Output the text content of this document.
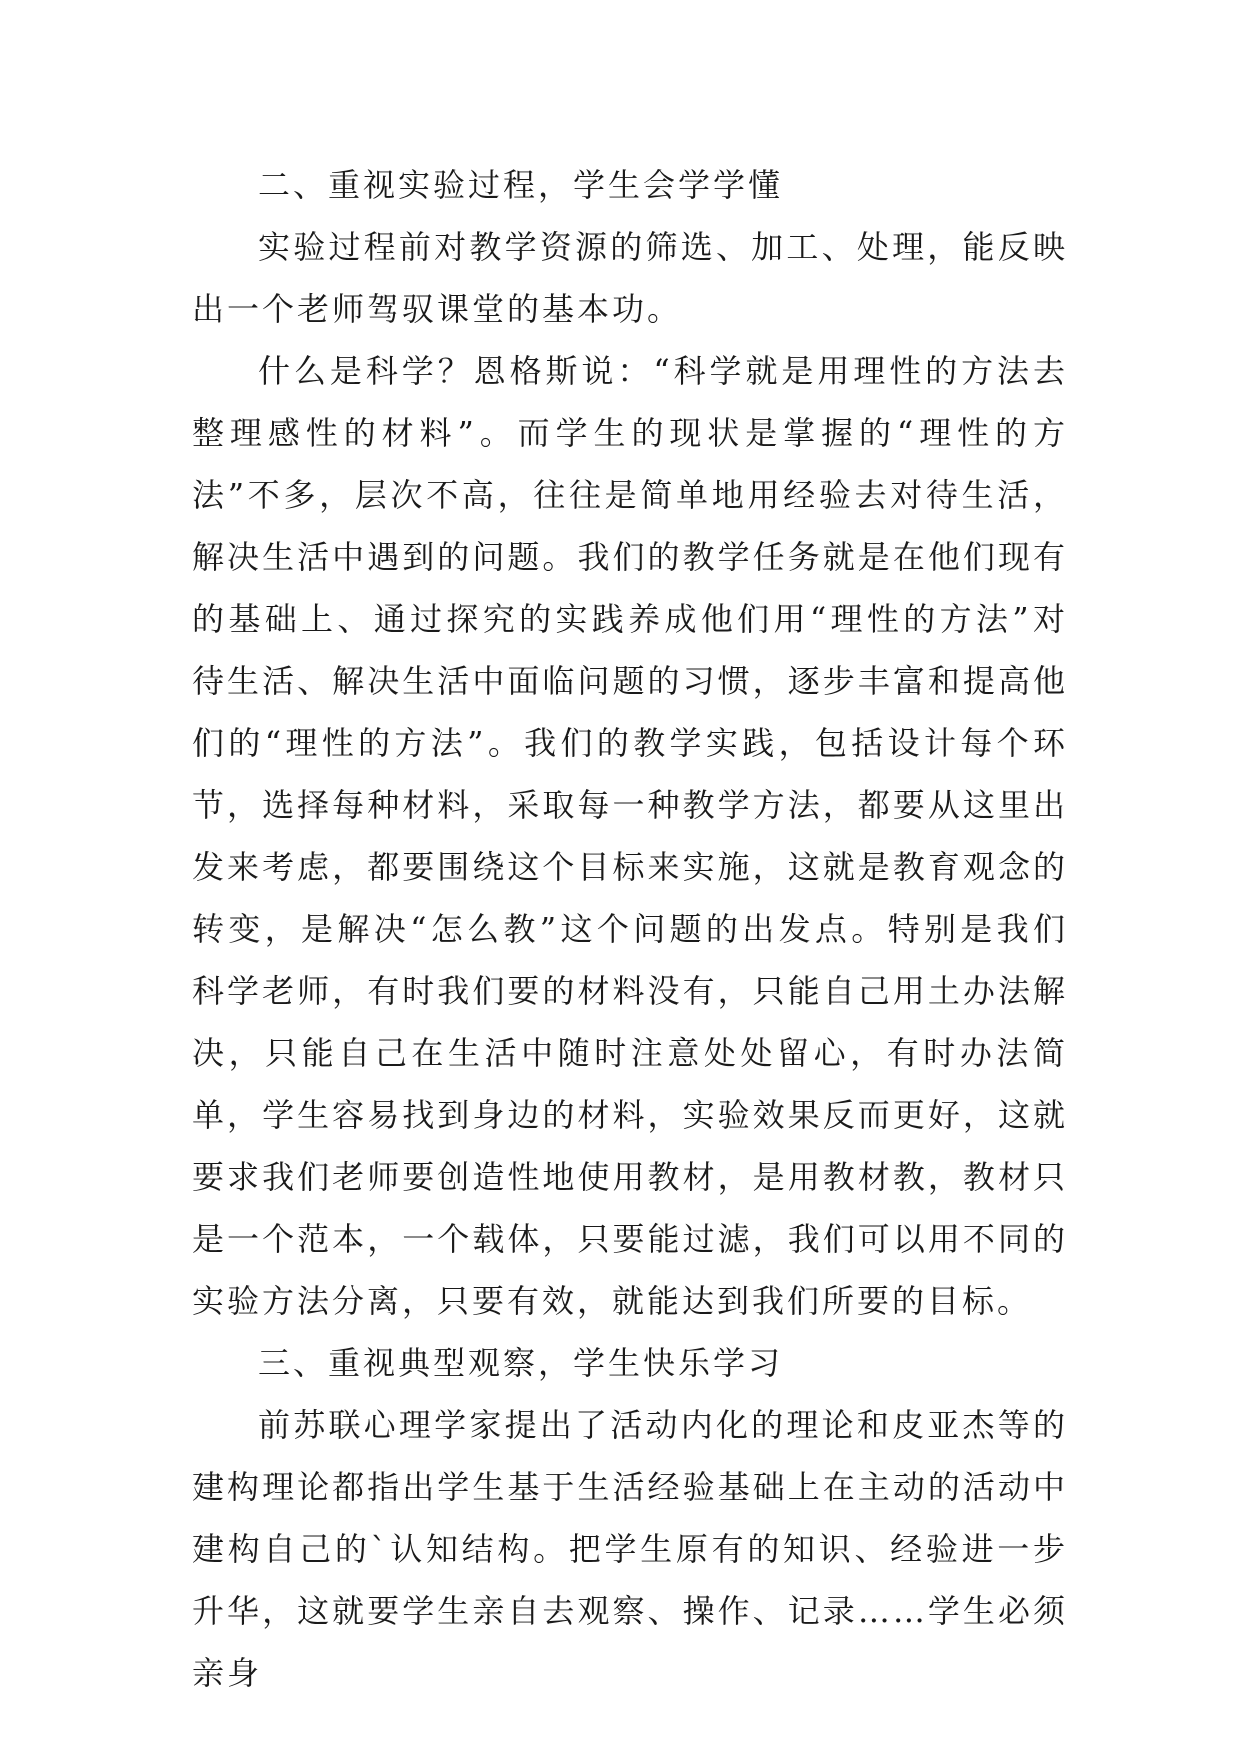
二、重视实验过程，学生会学学懂

实验过程前对教学资源的筛选、加工、处理，能反映出一个老师驾驭课堂的基本功。

什么是科学？恩格斯说：“科学就是用理性的方法去整理感性的材料”。而学生的现状是掌握的“理性的方法”不多，层次不高，往往是简单地用经验去对待生活，解决生活中遇到的问题。我们的教学任务就是在他们现有的基础上、通过探究的实践养成他们用“理性的方法”对待生活、解决生活中面临问题的习惯，逐步丰富和提高他们的“理性的方法”。我们的教学实践，包括设计每个环节，选择每种材料，采取每一种教学方法，都要从这里出发来考虑，都要围绕这个目标来实施，这就是教育观念的转变，是解决“怎么教”这个问题的出发点。特别是我们科学老师，有时我们要的材料没有，只能自己用土办法解决，只能自己在生活中随时注意处处留心，有时办法简单，学生容易找到身边的材料，实验效果反而更好，这就要求我们老师要创造性地使用教材，是用教材教，教材只是一个范本，一个载体，只要能过滤，我们可以用不同的实验方法分离，只要有效，就能达到我们所要的目标。

三、重视典型观察，学生快乐学习

前苏联心理学家提出了活动内化的理论和皮亚杰等的建构理论都指出学生基于生活经验基础上在主动的活动中建构自己的`认知结构。把学生原有的知识、经验进一步升华，这就要学生亲自去观察、操作、记录……学生必须亲身
